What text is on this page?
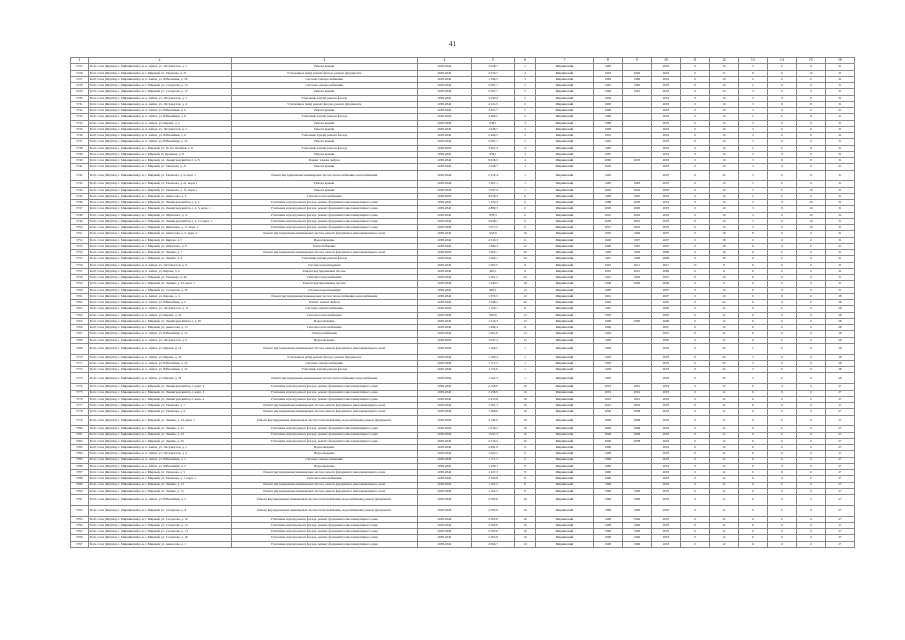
41
1	2	3	4	5	6	7	8	9	10	11	12	13	14	15	16
5725	Респ. Саха (Якутия), г. Мирнинский р-н, п. Айхал, ул. Энтузиастов, д. 1	Ремонт крыши	2038-2040	1 028,7	1	Мирнинский	1983		2018	0	10	3	0	0	31
5726	Респ. Саха (Якутия), г. Мирнинский р-н, г. Мирный, ул. Тихонова, д. 27	Утепление и (или) ремонт фасада, ремонт фундамента	2038-2040	4 579,7	4	Мирнинский	1993	2002	2018	0	8	9	0	10	31
5727	Респ. Саха (Якутия), г. Мирнинский р-н, п. Айхал, ул. Юбилейная, д. 18	Система электроснабжения	2038-2040	1 296,5	3	Мирнинский	1985	1986	2018	0	10	2	0	0	31
5728	Респ. Саха (Якутия), г. Мирнинский р-н, г. Мирный, ул. Солдатова, д. 15	Система электроснабжения	2038-2040	2 307,7	5	Мирнинский	1981	1982	2018	0	10	2	0	0	31
5729	Респ. Саха (Якутия), г. Мирнинский р-н, г. Мирный, ул. Солдатова, д. 17	Ремонт крыши	2038-2040	2 307,7	5	Мирнинский	1990	1991	2018	0	10	3	0	0	31
5730	Респ. Саха (Якутия), г. Мирнинский р-н, п. Айхал, ул. Энтузиастов, д. 3	Утепление и (или) ремонт фасада	2038-2040	3 030,4	2	Мирнинский	1994		2018	0	10	3	0	8	31
5731	Респ. Саха (Якутия), г. Мирнинский р-н, п. Айхал, ул. Энтузиастов, д. 4	Утепление и (или) ремонт фасада, ремонт фундамента	2038-2040	4 121,5	2	Мирнинский	1995		2018	0	10	3	0	8	31
5732	Респ. Саха (Якутия), г. Мирнинский р-н, п. Айхал, ул. Юбилейная, д. 6	Ремонт крыши	2038-2040	2 307,7	5	Мирнинский	1990		2018	0	10	3	0	0	31
5733	Респ. Саха (Якутия), г. Мирнинский р-н, п. Айхал, ул. Юбилейная, д. 8	Утепление и (или) ремонт фасада	2038-2040	2 460,5	2	Мирнинский	1990		2018	0	10	3	0	8	31
5734	Респ. Саха (Якутия), г. Мирнинский р-н, п. Айхал, ул. Кирова, д. 2	Ремонт крыши	2038-2040	938,1	3	Мирнинский	1989		2018	0	10	3	0	0	31
5735	Респ. Саха (Якутия), г. Мирнинский р-н, п. Айхал, ул. Энтузиастов, д. 5	Ремонт крыши	2038-2040	1 028,7	1	Мирнинский	1996		2018	0	10	3	0	0	31
5736	Респ. Саха (Якутия), г. Мирнинский р-н, п. Айхал, ул. Юбилейная, д. 9	Утепление и (или) ремонт фасада	2038-2040	2 460,5	2	Мирнинский	1991		2018	0	10	3	0	8	31
5737	Респ. Саха (Якутия), г. Мирнинский р-н, п. Айхал, ул. Юбилейная, д. 10	Ремонт крыши	2038-2040	2 307,7	5	Мирнинский	1992		2018	0	10	3	0	0	31
5738	Респ. Саха (Якутия), г. Мирнинский р-н, г. Мирный, ул. 50 лет Октября, д. 8	Утепление и (или) ремонт фасада	2038-2040	3 201,4	4	Мирнинский	1982		2018	0	10	3	0	8	31
5739	Респ. Саха (Якутия), г. Мирнинский р-н, г. Мирный, ш. Кузакова, д. 8	Ремонт крыши	2038-2040	938,1	3	Мирнинский	1987		2018	0	10	3	0	0	31
5740	Респ. Саха (Якутия), г. Мирнинский р-н, г. Мирный, ул. Ленинградский пр-т, д. 8	Ремонт, замена лифтов	2038-2040	8 618,3	4	Мирнинский	2000	2003	2018	0	10	3	0	9	31
5741	Респ. Саха (Якутия), г. Мирнинский р-н, г. Мирный, ул. Тихонова, д. 21	Ремонт крыши	2038-2040	1 028,7	1	Мирнинский	1995		2018	0	10	3	0	0	31
5742	Респ. Саха (Якутия), г. Мирнинский р-н, г. Мирный, ул. Тихонова, д. 9, корп. 1	Ремонт внутридомовых инженерных систем теплоснабжения, водоснабжения	2038-2040	2 274,4	1	Мирнинский	1992		2018	0	20	3	0	9	31
5743	Респ. Саха (Якутия), г. Мирнинский р-н, г. Мирный, ул. Тихонова, д. 21, корп. 1	Ремонт крыши	2038-2040	1 207,1	1	Мирнинский	1982	1983	2018	0	10	3	0	0	31
5744	Респ. Саха (Якутия), г. Мирнинский р-н, г. Мирный, ул. Тихонова, д. 15, корп. 1	Ремонт крыши	2038-2040	1 037,4	1	Мирнинский	2003	2004	2018	0	10	3	0	10	31
5745	Респ. Саха (Якутия), г. Мирнинский р-н, г. Мирный, ул. Аммосова, д. 3	Система теплоснабжения	2038-2040	4 678,4	6	Мирнинский	1994	1995	2018	0	10	3	0	0	31
5746	Респ. Саха (Якутия), г. Мирнинский р-н, г. Мирный, ул. Ленинградский пр-т, д. 2	Утепление и (или) ремонт фасада, ремонт фундамента многоквартирного дома	2038-2040	1 270,4	6	Мирнинский	1988	2000	2018	0	10	3	0	10	31
5747	Респ. Саха (Якутия), г. Мирнинский р-н, г. Мирный, ул. Ленинградский пр-т, д. 3, корп. 1	Утепление и (или) ремонт фасада, ремонт фундамента многоквартирного дома	2038-2040	4 889,3	6	Мирнинский	2000	2000	2018	0	10	3	0	10	31
5748	Респ. Саха (Якутия), г. Мирнинский р-н, г. Мирный, ул. Ойунского, д. 4	Утепление и (или) ремонт фасада, ремонт фундамента многоквартирного дома	2038-2040	878,3	6	Мирнинский	2001	2002	2018	0	10	3	0	10	31
5749	Респ. Саха (Якутия), г. Мирнинский р-н, г. Мирный, ул. Ленинградский пр-т, д. 11, корп. 1	Утепление и (или) ремонт фасада, ремонт фундамента многоквартирного дома	2038-2040	4 638,1	6	Мирнинский	2000	2001	2018	0	10	3	0	10	31
5750	Респ. Саха (Якутия), г. Мирнинский р-н, г. Мирный, ул. Шевченко, д. 17, корп. 1	Утепление и (или) ремонт фасада, ремонт фундамента многоквартирного дома	2038-2040	1 977,5	6	Мирнинский	2001	2002	2018	0	10	3	0	10	31
5751	Респ. Саха (Якутия), г. Мирнинский р-н, г. Мирный, ул. Аммосова, д. 5, корп. 2	Ремонт внутридомовых инженерных систем, ремонт фундамента многоквартирного дома	2038-2040	933,9	10	Мирнинский	1995	1996	2007	0	18	8	0	0	31
5752	Респ. Саха (Якутия), г. Мирнинский р-н, г. Мирный, ул. Кирова, д. 5	Водоотведение	2038-2040	2 010,3	9	Мирнинский	1996	1997	2007	0	18	6	0	0	31
5753	Респ. Саха (Якутия), г. Мирнинский р-н, г. Мирный, ул. Ойунского, д. 6	Теплоснабжение	2038-2040	1 480,3	12	Мирнинский	1996	1997	2007	0	18	6	0	0	31
5754	Респ. Саха (Якутия), г. Мирнинский р-н, г. Мирный, ул. Ленина, д. 7	Ремонт внутридомовых инженерных систем, ремонт фундамента многоквартирного дома	2038-2040	1 902,1	20	Мирнинский	1993	1994	2008	0	18	6	0	0	31
5755	Респ. Саха (Якутия), г. Мирнинский р-н, г. Мирный, ул. Ленина, д. 9	Утепление и (или) ремонт фасада	2038-2040	1 564,1	20	Мирнинский	1997	1998	2008	0	18	6	0	0	31
5756	Респ. Саха (Якутия), г. Мирнинский р-н, п. Айхал, ул. Энтузиастов, д. 9	Система водоотведения	2038-2040	1 567,5	9	Мирнинский	1997	2011	2017	15	8	6	0	0	31
5757	Респ. Саха (Якутия), г. Мирнинский р-н, п. Айхал, ул. Кирова, д. 6	Ремонт внутридомовых систем	2038-2040	481,1	8	Мирнинский	2001	2001	2006	0	8	6	0	0	31
5758	Респ. Саха (Якутия), г. Мирнинский р-н, г. Мирный, ул. Тихонова, д. 40	Система теплоснабжения	2038-2040	1 361,2	20	Мирнинский	1991	1994	2007	0	10	6	0	0	31
5759	Респ. Саха (Якутия), г. Мирнинский р-н, г. Мирный, ул. Ленина, д. 23, корп. 1	Ремонт внутридомовых систем	2038-2040	1 240,2	18	Мирнинский	1999	2000	2006	0	9	6	0	0	31
5760	Респ. Саха (Якутия), г. Мирнинский р-н, г. Мирный, ул. Солдатова, д. 25	Система водоотведения	2038-2040	863,1	12	Мирнинский	1990		2007	0	10	6	0	0	31
5761	Респ. Саха (Якутия), г. Мирнинский р-н, п. Айхал, ул. Кирова, д. 4	Ремонт внутридомовых инженерных систем теплоснабжения, водоснабжения	2038-2040	1 570,5	13	Мирнинский	1991		2007	0	10	6	0	0	28
5762	Респ. Саха (Якутия), г. Мирнинский р-н, п. Айхал, ул. Юбилейная, д. 2	Ремонт, замена лифтов	2038-2040	1 048,2	20	Мирнинский	1992		2005	0	22	6	0	0	28
5763	Респ. Саха (Якутия), г. Мирнинский р-н, п. Айхал, ул. Энтузиастов, д. 11	Система электроснабжения	2038-2040	1 150,1	11	Мирнинский	1997		2005	0	12	6	0	0	28
5764	Респ. Саха (Якутия), г. Мирнинский р-н, п. Айхал, ул. Кирова, д. 10	Система теплоснабжения	2038-2040	993,8	12	Мирнинский	1993		2005	0	12	6	0	0	28
5765	Респ. Саха (Якутия), г. Мирнинский р-н, г. Мирный, ул. Ленинградский пр-т, д. 25	Водоотведение	2038-2040	1 216,3	12	Мирнинский	1999	2000	2006	0	12	6	0	0	28
5766	Респ. Саха (Якутия), г. Мирнинский р-н, г. Мирный, ул. Аммосова, д. 13	Система теплоснабжения	2038-2040	1 080,4	11	Мирнинский	1999		2007	0	12	6	0	0	28
5767	Респ. Саха (Якутия), г. Мирнинский р-н, п. Айхал, ул. Юбилейная, д. 12	Электроснабжение	2038-2040	1 061,6	12	Мирнинский	1994		2007	0	12	6	0	0	28
5768	Респ. Саха (Якутия), г. Мирнинский р-н, п. Айхал, ул. Энтузиастов, д. 6	Водоотведение	2038-2040	1 047,3	13	Мирнинский	1993		2005	0	12	6	0	0	28
5769	Респ. Саха (Якутия), г. Мирнинский р-н, п. Айхал, ул. Кирова, д. 14	Ремонт внутридомовых инженерных систем, ремонт фундамента многоквартирного дома	2038-2040	1 164,2	1	Мирнинский	1993		2018	0	20	3	0	0	28
5770	Респ. Саха (Якутия), г. Мирнинский р-н, п. Айхал, ул. Кирова, д. 16	Утепление и (или) ремонт фасада, ремонт фундамента	2038-2040	1 160,4	1	Мирнинский	1993		2018	0	20	3	0	0	28
5771	Респ. Саха (Якутия), г. Мирнинский р-н, п. Айхал, ул. Юбилейная, д. 16	Система электроснабжения	2038-2040	1 171,2	1	Мирнинский	1993		2018	0	20	3	0	0	28
5772	Респ. Саха (Якутия), г. Мирнинский р-н, п. Айхал, ул. Юбилейная, д. 19	Утепление и (или) ремонт фасада	2038-2040	1 174,6	1	Мирнинский	1993		2018	0	20	3	0	0	28
5773	Респ. Саха (Якутия), г. Мирнинский р-н, п. Айхал, ул. Кирова, д. 18	Ремонт внутридомовых инженерных систем теплоснабжения, водоснабжения	2038-2040	1 162,3	1	Мирнинский	1993		2018	0	20	3	0	0	28
5774	Респ. Саха (Якутия), г. Мирнинский р-н, г. Мирный, ул. Ленинградский пр-т, корп. 2	Утепление и (или) ремонт фасада, ремонт фундамента многоквартирного дома	2038-2040	2 158,9	16	Мирнинский	2001	2001	2018	0	12	6	0	0	27
5775	Респ. Саха (Якутия), г. Мирнинский р-н, г. Мирный, ул. Ленинградский пр-т, корп. 3	Утепление и (или) ремонт фасада, ремонт фундамента многоквартирного дома	2038-2040	2 158,9	16	Мирнинский	2001	2001	2018	0	12	6	0	0	27
5776	Респ. Саха (Якутия), г. Мирнинский р-н, г. Мирный, ул. Ленинградский пр-т, корп. 4	Утепление и (или) ремонт фасада, ремонт фундамента многоквартирного дома	2038-2040	2 413,8	16	Мирнинский	2001	2001	2018	0	12	6	0	0	27
5777	Респ. Саха (Якутия), г. Мирнинский р-н, г. Мирный, ул. Тихонова, д. 7	Ремонт внутридомовых инженерных систем, ремонт фундамента многоквартирного дома	2038-2040	1 361,3	16	Мирнинский	2001	2002	2018	0	12	6	0	0	27
5778	Респ. Саха (Якутия), г. Мирнинский р-н, г. Мирный, ул. Тихонова, д. 9	Ремонт внутридомовых инженерных систем, ремонт фундамента многоквартирного дома	2038-2040	1 568,9	16	Мирнинский	2006	2008	2018	0	12	6	0	0	27
5779	Респ. Саха (Якутия), г. Мирнинский р-н, г. Мирный, ул. Ленина, д. 19, корп. 1	Ремонт внутридомовых инженерных систем теплоснабжения, водоснабжения, ремонт фундамента	2038-2040	2 144,0	16	Мирнинский	2006	2008	2018	0	12	6	0	0	27
5780	Респ. Саха (Якутия), г. Мирнинский р-н, г. Мирный, ул. Ленина, д. 21	Утепление и (или) ремонт фасада, ремонт фундамента многоквартирного дома	2038-2040	2 519,2	16	Мирнинский	2006	2008	2018	0	12	6	0	0	27
5781	Респ. Саха (Якутия), г. Мирнинский р-н, г. Мирный, ул. Ленина, д. 23	Утепление и (или) ремонт фасада, ремонт фундамента многоквартирного дома	2038-2040	1 931,3	16	Мирнинский	2006	2008	2018	0	12	6	0	0	27
5782	Респ. Саха (Якутия), г. Мирнинский р-н, г. Мирный, ул. Ленина, д. 25	Утепление и (или) ремонт фасада, ремонт фундамента многоквартирного дома	2038-2040	2 519,2	16	Мирнинский	2006	2008	2018	0	12	6	0	0	27
5783	Респ. Саха (Якутия), г. Мирнинский р-н, п. Айхал, ул. Энтузиастов, д. 1	Водоотведение	2038-2040	2 081,0	9	Мирнинский	1990		2018	0	12	6	0	0	27
5784	Респ. Саха (Якутия), г. Мирнинский р-н, п. Айхал, ул. Энтузиастов, д. 2	Водоотведение	2038-2040	1 422,2	9	Мирнинский	1990		2018	0	12	6	0	0	27
5785	Респ. Саха (Якутия), г. Мирнинский р-н, п. Айхал, ул. Юбилейная, д. 1	Система электроснабжения	2038-2040	1 171,2	9	Мирнинский	1990		2018	0	12	6	0	0	27
5786	Респ. Саха (Якутия), г. Мирнинский р-н, п. Айхал, ул. Юбилейная, д. 3	Водоотведение	2038-2040	1 436,1	9	Мирнинский	1990		2018	0	12	6	0	0	27
5787	Респ. Саха (Якутия), г. Мирнинский р-н, г. Мирный, ул. Тихонова, д. 5	Ремонт внутридомовых инженерных систем, ремонт фундамента многоквартирного дома	2038-2040	1 167,3	8	Мирнинский	1990		2018	0	12	6	0	0	27
5788	Респ. Саха (Якутия), г. Мирнинский р-н, г. Мирный, ул. Тихонова, д. 7, корп. 1	Система теплоснабжения	2038-2040	2 160,8	8	Мирнинский	1990		2018	0	12	6	0	0	27
5789	Респ. Саха (Якутия), г. Мирнинский р-н, г. Мирный, ул. Ленина, д. 13	Ремонт внутридомовых инженерных систем, ремонт фундамента многоквартирного дома	2038-2040	1 161,2	8	Мирнинский	1990		2018	0	12	6	0	0	27
5790	Респ. Саха (Якутия), г. Мирнинский р-н, г. Мирный, ул. Ленина, д. 15	Ремонт внутридомовых инженерных систем, ремонт фундамента многоквартирного дома	2038-2040	1 161,2	8	Мирнинский	1990	1996	2018	0	12	6	0	0	27
5791	Респ. Саха (Якутия), г. Мирнинский р-н, п. Айхал, ул. Юбилейная, д. 5	Ремонт внутридомовых инженерных систем теплоснабжения, водоснабжения, ремонт фундамента	2038-2040	2 303,8	16	Мирнинский	1990	1996	2018	0	12	6	0	0	27
5792	Респ. Саха (Якутия), г. Мирнинский р-н, г. Мирный, ул. Солдатова, д. 8	Ремонт внутридомовых инженерных систем теплоснабжения, водоснабжения, ремонт фундамента	2038-2040	2 303,8	16	Мирнинский	1990	1996	2018	0	12	6	0	0	27
5793	Респ. Саха (Якутия), г. Мирнинский р-н, г. Мирный, ул. Солдатова, д. 10	Утепление и (или) ремонт фасада, ремонт фундамента многоквартирного дома	2038-2040	2 303,8	16	Мирнинский	1990	1996	2018	0	12	6	0	0	27
5794	Респ. Саха (Якутия), г. Мирнинский р-н, г. Мирный, ул. Солдатова, д. 12	Утепление и (или) ремонт фасада, ремонт фундамента многоквартирного дома	2038-2040	2 303,8	16	Мирнинский	1990	1996	2018	0	12	6	0	0	27
5795	Респ. Саха (Якутия), г. Мирнинский р-н, г. Мирный, ул. Солдатова, д. 14	Утепление и (или) ремонт фасада, ремонт фундамента многоквартирного дома	2038-2040	2 303,8	16	Мирнинский	1990	1996	2018	0	12	6	0	0	27
5796	Респ. Саха (Якутия), г. Мирнинский р-н, г. Мирный, ул. Солдатова, д. 16	Утепление и (или) ремонт фасада, ремонт фундамента многоквартирного дома	2038-2040	2 303,8	16	Мирнинский	1990	1996	2018	0	12	6	0	0	27
5797	Респ. Саха (Якутия), г. Мирнинский р-н, г. Мирный, ул. Аммосова, д. 1	Утепление и (или) ремонт фасада, ремонт фундамента многоквартирного дома	2038-2040	2 064,7	16	Мирнинский	1990	1996	2018	0	12	6	0	0	27
